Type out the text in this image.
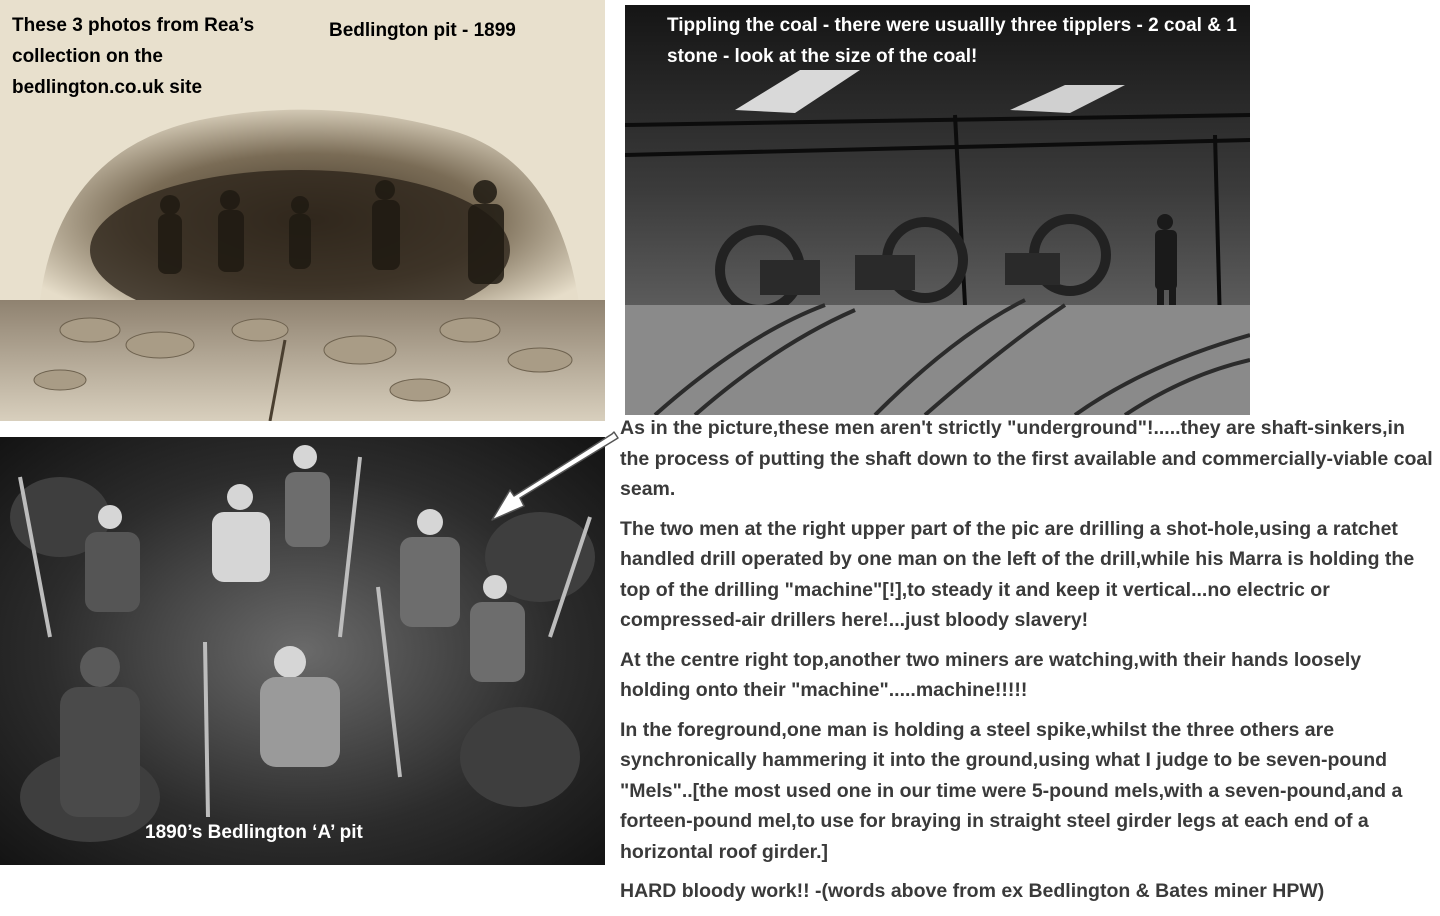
These 3 photos from Rea’s collection on the bedlington.co.uk site
Bedlington pit - 1899	Tippling the coal - there were usuallly three tipplers - 2 coal & 1 stone - look at the size of the coal!
1890’s Bedlington ‘A’ pit

As in the picture,these men aren't strictly "underground"!.....they are shaft-sinkers,in the process of putting the shaft down to the first available and commercially-viable coal seam.

The two men at the right upper part of the pic are drilling a shot-hole,using a ratchet handled drill operated by one man on the left of the drill,while his Marra is holding the top of the drilling "machine"[!],to steady it and keep it vertical...no electric or compressed-air drillers here!...just bloody slavery!

At the centre right top,another two miners are watching,with their hands loosely holding onto their "machine".....machine!!!!!

In the foreground,one man is holding a steel spike,whilst the three others are synchronically hammering it into the ground,using what I judge to be seven-pound "Mels"..[the most used one in our time were 5-pound mels,with a seven-pound,and a forteen-pound mel,to use for braying in straight steel girder legs at each end of a horizontal roof girder.]

HARD bloody work!! -(words above from ex Bedlington & Bates miner HPW)
